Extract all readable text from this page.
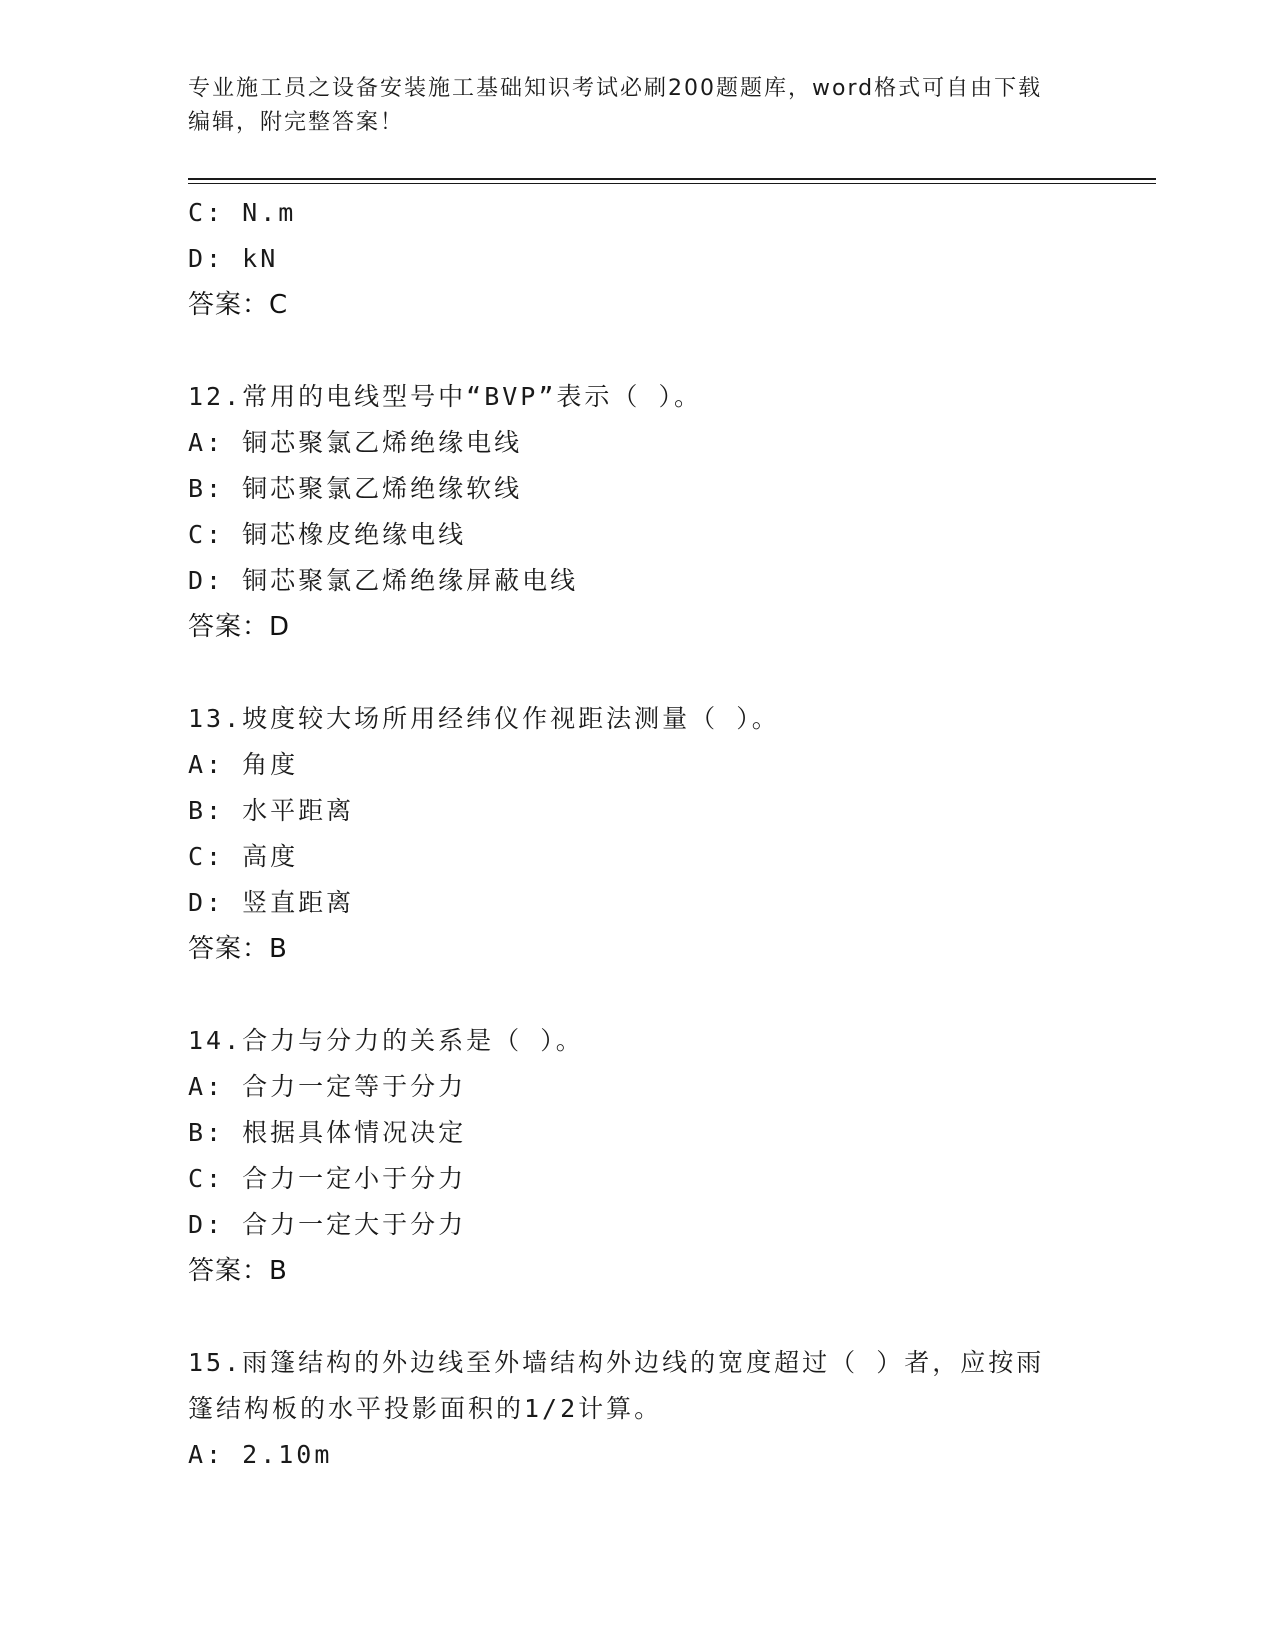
专业施工员之设备安装施工基础知识考试必刷200题题库，word格式可自由下载
编辑，附完整答案！
C: N.m
D: kN
答案：C
12.常用的电线型号中“BVP”表示（ ）。
A: 铜芯聚氯乙烯绝缘电线
B: 铜芯聚氯乙烯绝缘软线
C: 铜芯橡皮绝缘电线
D: 铜芯聚氯乙烯绝缘屏蔽电线
答案：D
13.坡度较大场所用经纬仪作视距法测量（ ）。
A: 角度
B: 水平距离
C: 高度
D: 竖直距离
答案：B
14.合力与分力的关系是（ ）。
A: 合力一定等于分力
B: 根据具体情况决定
C: 合力一定小于分力
D: 合力一定大于分力
答案：B
15.雨篷结构的外边线至外墙结构外边线的宽度超过（ ）者，应按雨
篷结构板的水平投影面积的1/2计算。
A: 2.10m
